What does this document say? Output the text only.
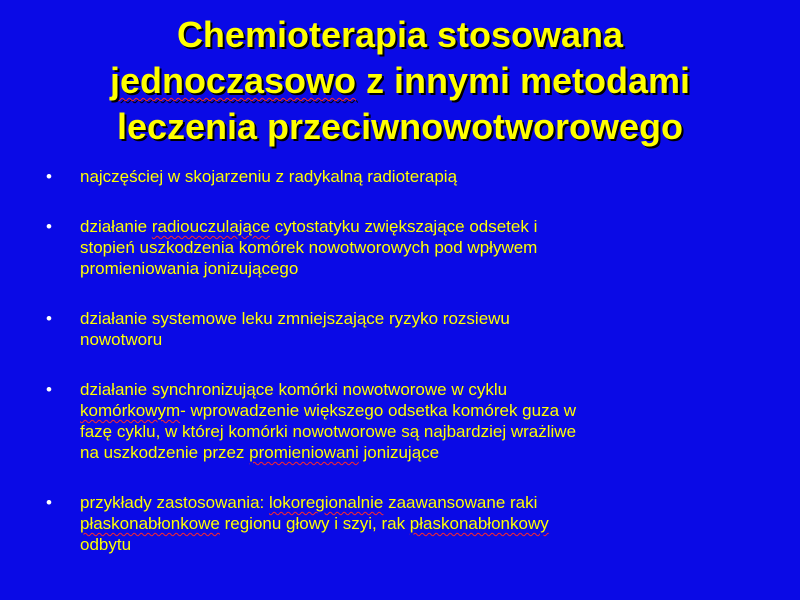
Chemioterapia stosowana
jednoczasowo z innymi metodami
leczenia przeciwnowotworowego
• najczęściej w skojarzeniu z radykalną radioterapią
• działanie radiouczulające cytostatyku zwiększające odsetek i
stopień uszkodzenia komórek nowotworowych pod wpływem
promieniowania jonizującego
• działanie systemowe leku zmniejszające ryzyko rozsiewu
nowotworu
• działanie synchronizujące komórki nowotworowe w cyklu
komórkowym- wprowadzenie większego odsetka komórek guza w
fazę cyklu, w której komórki nowotworowe są najbardziej wrażliwe
na uszkodzenie przez promieniowani jonizujące
• przykłady zastosowania: lokoregionalnie zaawansowane raki
płaskonabłonkowe regionu głowy i szyi, rak płaskonabłonkowy
odbytu
